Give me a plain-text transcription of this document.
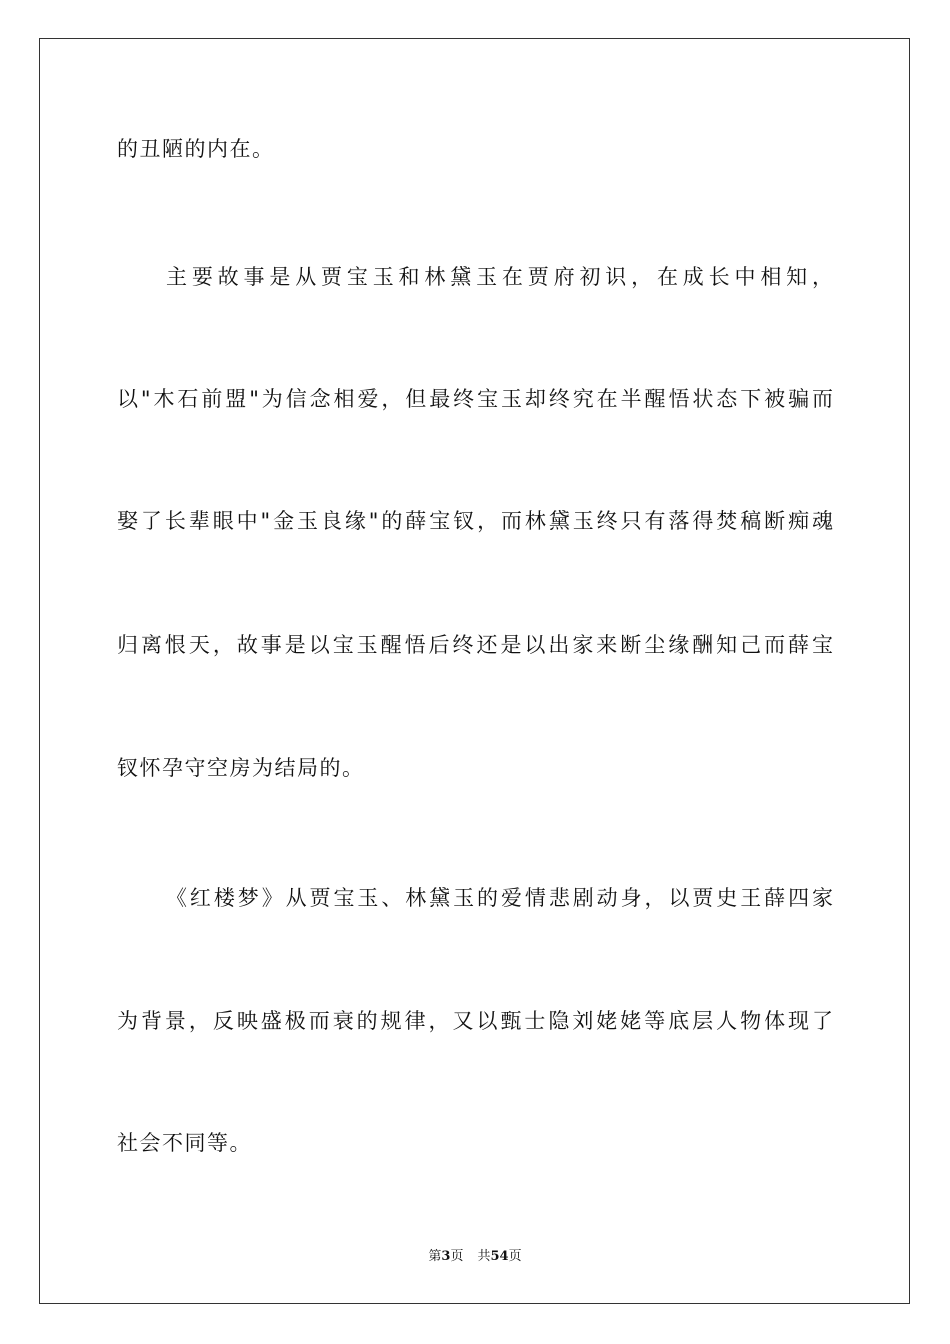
的丑陋的内在。
主要故事是从贾宝玉和林黛玉在贾府初识，在成长中相知，
以"木石前盟"为信念相爱，但最终宝玉却终究在半醒悟状态下被骗而
娶了长辈眼中"金玉良缘"的薛宝钗，而林黛玉终只有落得焚稿断痴魂
归离恨天，故事是以宝玉醒悟后终还是以出家来断尘缘酬知己而薛宝
钗怀孕守空房为结局的。
《红楼梦》从贾宝玉、林黛玉的爱情悲剧动身，以贾史王薛四家
为背景，反映盛极而衰的规律，又以甄士隐刘姥姥等底层人物体现了
社会不同等。
第3页 共54页
